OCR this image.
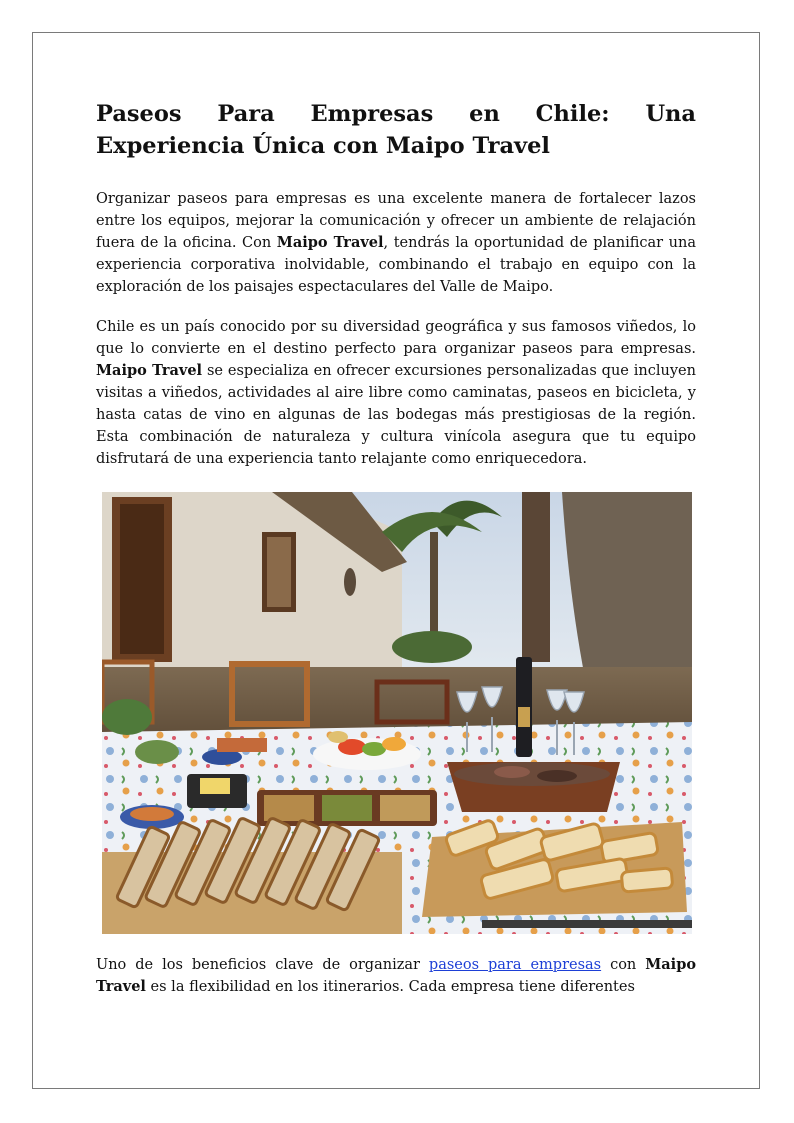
Paseos Para Empresas en Chile: Una Experiencia Única con Maipo Travel

Organizar paseos para empresas es una excelente manera de fortalecer lazos entre los equipos, mejorar la comunicación y ofrecer un ambiente de relajación fuera de la oficina. Con Maipo Travel, tendrás la oportunidad de planificar una experiencia corporativa inolvidable, combinando el trabajo en equipo con la exploración de los paisajes espectaculares del Valle de Maipo.

Chile es un país conocido por su diversidad geográfica y sus famosos viñedos, lo que lo convierte en el destino perfecto para organizar paseos para empresas. Maipo Travel se especializa en ofrecer excursiones personalizadas que incluyen visitas a viñedos, actividades al aire libre como caminatas, paseos en bicicleta, y hasta catas de vino en algunas de las bodegas más prestigiosas de la región. Esta combinación de naturaleza y cultura vinícola asegura que tu equipo disfrutará de una experiencia tanto relajante como enriquecedora.

Uno de los beneficios clave de organizar paseos para empresas con Maipo Travel es la flexibilidad en los itinerarios. Cada empresa tiene diferentes
